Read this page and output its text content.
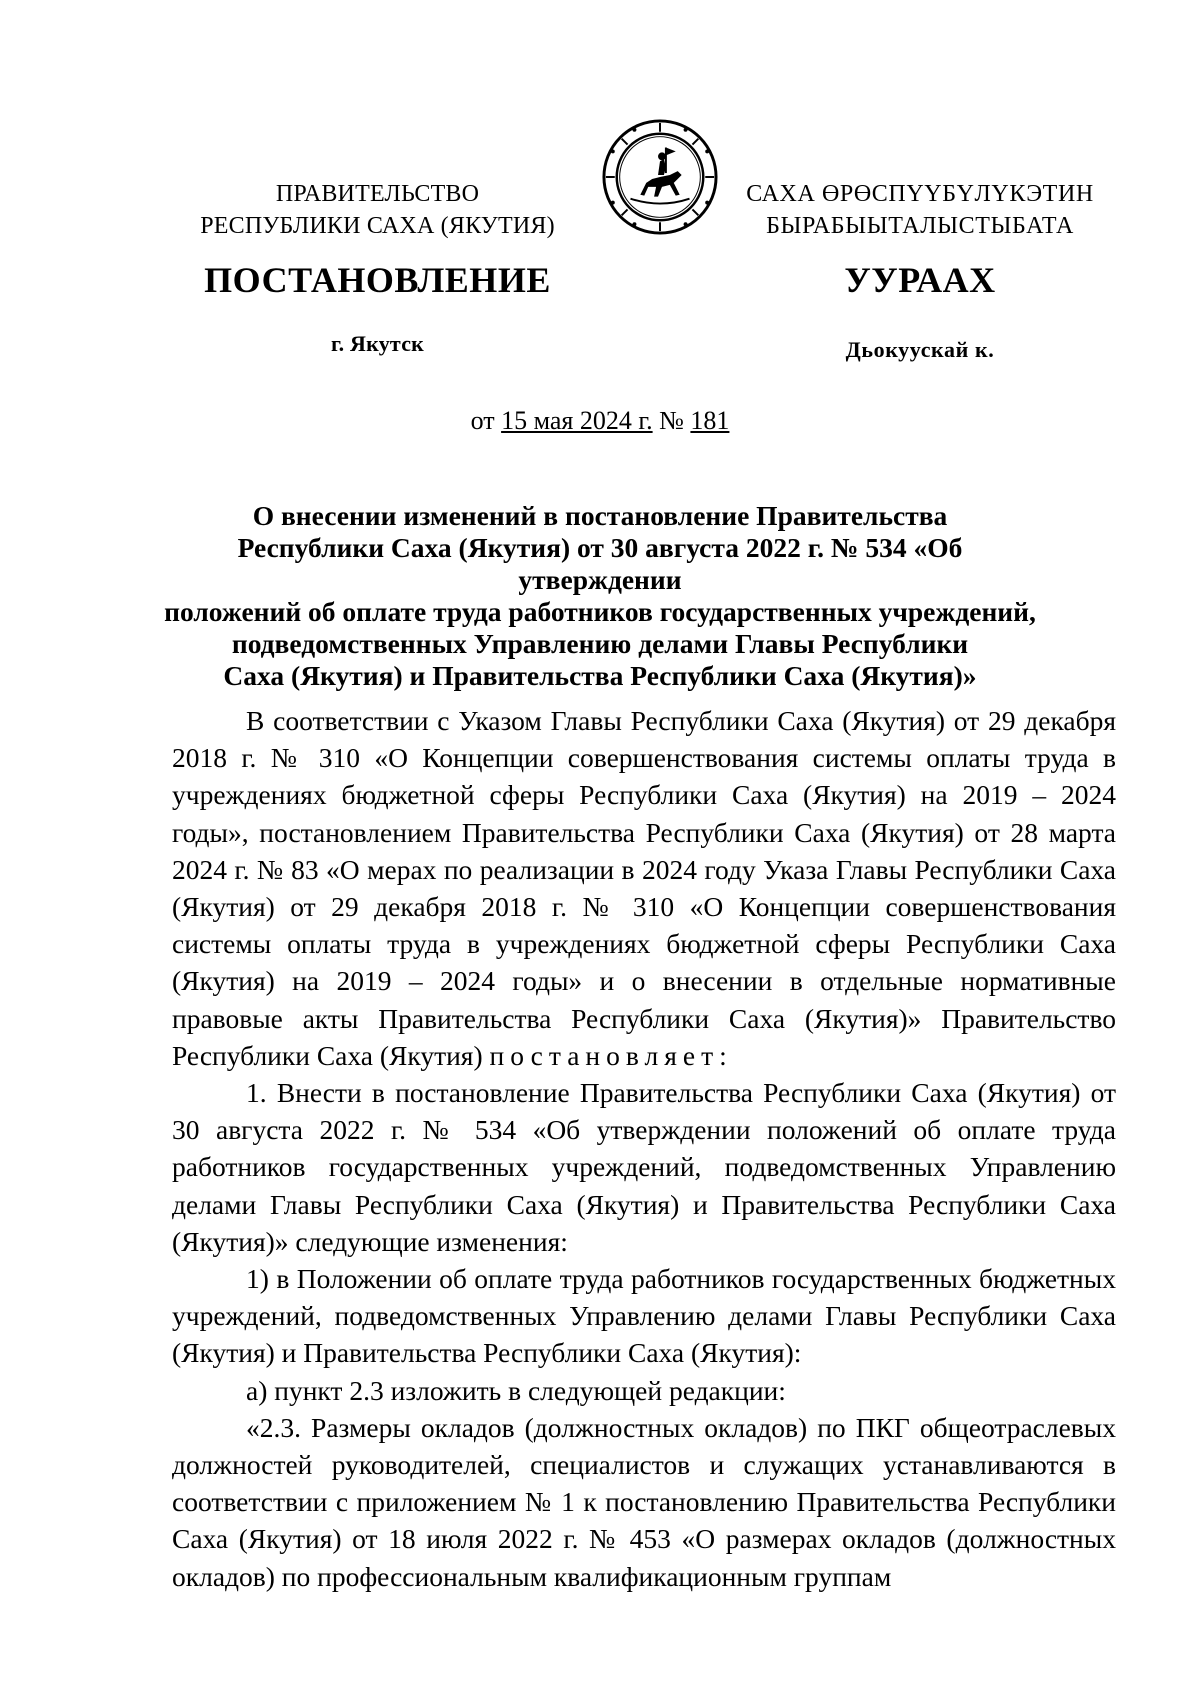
ПРАВИТЕЛЬСТВО
РЕСПУБЛИКИ САХА (ЯКУТИЯ)
ПОСТАНОВЛЕНИЕ
г. Якутск
САХА ӨРӨСПҮҮБҮЛҮКЭТИН
БЫРАБЫЫТАЛЫСТЫБАТА
УУРААХ
Дьокуускай к.
от 15 мая 2024 г. № 181
О внесении изменений в постановление Правительства
Республики Саха (Якутия) от 30 августа 2022 г. № 534 «Об утверждении
положений об оплате труда работников государственных учреждений,
подведомственных Управлению делами Главы Республики
Саха (Якутия) и Правительства Республики Саха (Якутия)»

В соответствии с Указом Главы Республики Саха (Якутия) от 29 декабря 2018 г. № 310 «О Концепции совершенствования системы оплаты труда в учреждениях бюджетной сферы Республики Саха (Якутия) на 2019 – 2024 годы», постановлением Правительства Республики Саха (Якутия) от 28 марта 2024 г. № 83 «О мерах по реализации в 2024 году Указа Главы Республики Саха (Якутия) от 29 декабря 2018 г. № 310 «О Концепции совершенствования системы оплаты труда в учреждениях бюджетной сферы Республики Саха (Якутия) на 2019 – 2024 годы» и о внесении в отдельные нормативные правовые акты Правительства Республики Саха (Якутия)» Правительство Республики Саха (Якутия) постановляет:

1. Внести в постановление Правительства Республики Саха (Якутия) от 30 августа 2022 г. № 534 «Об утверждении положений об оплате труда работников государственных учреждений, подведомственных Управлению делами Главы Республики Саха (Якутия) и Правительства Республики Саха (Якутия)» следующие изменения:

1) в Положении об оплате труда работников государственных бюджетных учреждений, подведомственных Управлению делами Главы Республики Саха (Якутия) и Правительства Республики Саха (Якутия):

а) пункт 2.3 изложить в следующей редакции:

«2.3. Размеры окладов (должностных окладов) по ПКГ общеотраслевых должностей руководителей, специалистов и служащих устанавливаются в соответствии с приложением № 1 к постановлению Правительства Республики Саха (Якутия) от 18 июля 2022 г. № 453 «О размерах окладов (должностных окладов) по профессиональным квалификационным группам
